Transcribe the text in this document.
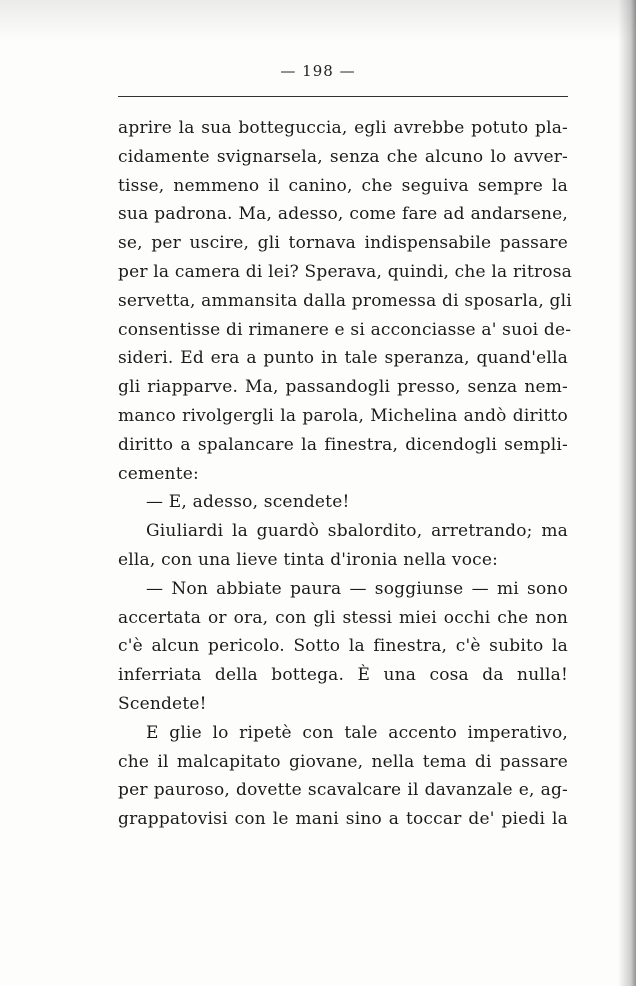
— 198 —
aprire la sua botteguccia, egli avrebbe potuto pla-
cidamente svignarsela, senza che alcuno lo avver-
tisse, nemmeno il canino, che seguiva sempre la
sua padrona. Ma, adesso, come fare ad andarsene,
se, per uscire, gli tornava indispensabile passare
per la camera di lei? Sperava, quindi, che la ritrosa
servetta, ammansita dalla promessa di sposarla, gli
consentisse di rimanere e si acconciasse a' suoi de-
sideri. Ed era a punto in tale speranza, quand'ella
gli riapparve. Ma, passandogli presso, senza nem-
manco rivolgergli la parola, Michelina andò diritto
diritto a spalancare la finestra, dicendogli sempli-
cemente:
— E, adesso, scendete!
Giuliardi la guardò sbalordito, arretrando; ma
ella, con una lieve tinta d'ironia nella voce:
— Non abbiate paura — soggiunse — mi sono
accertata or ora, con gli stessi miei occhi che non
c'è alcun pericolo. Sotto la finestra, c'è subito la
inferriata della bottega. È una cosa da nulla!
Scendete!
E glie lo ripetè con tale accento imperativo,
che il malcapitato giovane, nella tema di passare
per pauroso, dovette scavalcare il davanzale e, ag-
grappatovisi con le mani sino a toccar de' piedi la
